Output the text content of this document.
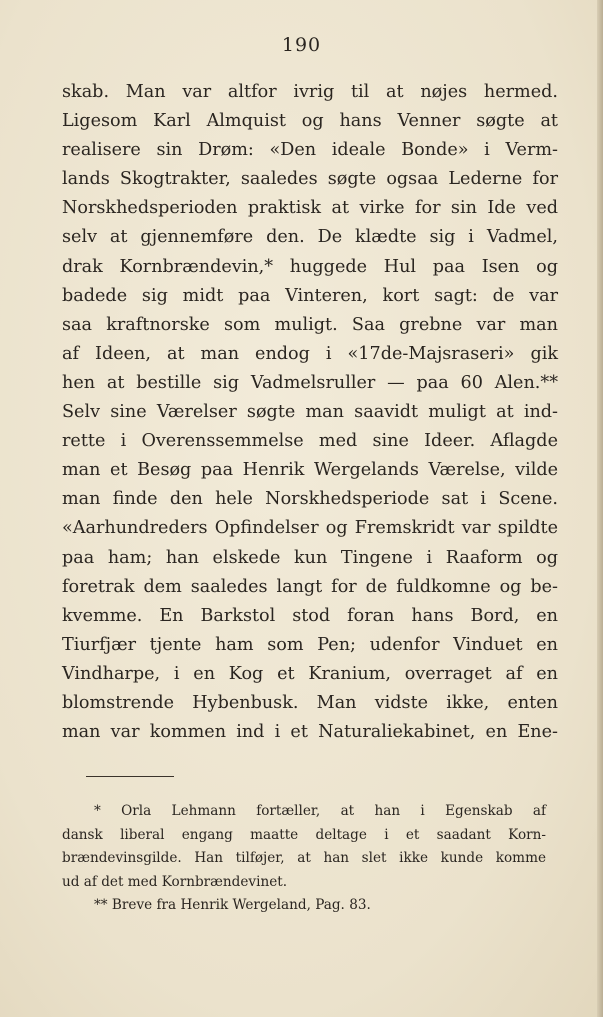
190
skab. Man var altfor ivrig til at nøjes hermed.
Ligesom Karl Almquist og hans Venner søgte at
realisere sin Drøm: «Den ideale Bonde» i Verm-
lands Skogtrakter, saaledes søgte ogsaa Lederne for
Norskhedsperioden praktisk at virke for sin Ide ved
selv at gjennemføre den. De klædte sig i Vadmel,
drak Kornbrændevin,* huggede Hul paa Isen og
badede sig midt paa Vinteren, kort sagt: de var
saa kraftnorske som muligt. Saa grebne var man
af Ideen, at man endog i «17de-Majsraseri» gik
hen at bestille sig Vadmelsruller — paa 60 Alen.**
Selv sine Værelser søgte man saavidt muligt at ind-
rette i Overenssemmelse med sine Ideer. Aflagde
man et Besøg paa Henrik Wergelands Værelse, vilde
man finde den hele Norskhedsperiode sat i Scene.
«Aarhundreders Opfindelser og Fremskridt var spildte
paa ham; han elskede kun Tingene i Raaform og
foretrak dem saaledes langt for de fuldkomne og be-
kvemme. En Barkstol stod foran hans Bord, en
Tiurfjær tjente ham som Pen; udenfor Vinduet en
Vindharpe, i en Kog et Kranium, overraget af en
blomstrende Hybenbusk. Man vidste ikke, enten
man var kommen ind i et Naturaliekabinet, en Ene-
* Orla Lehmann fortæller, at han i Egenskab af
dansk liberal engang maatte deltage i et saadant Korn-
brændevinsgilde. Han tilføjer, at han slet ikke kunde komme
ud af det med Kornbrændevinet.
** Breve fra Henrik Wergeland, Pag. 83.
